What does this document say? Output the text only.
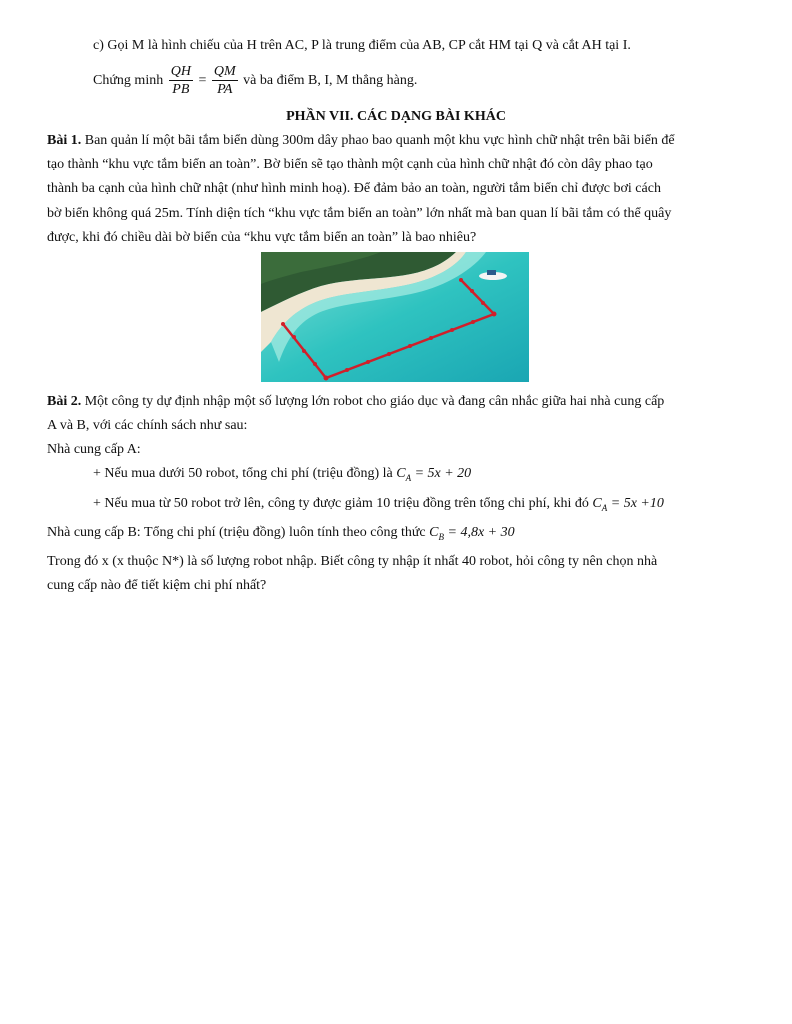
c) Gọi M là hình chiếu của H trên AC, P là trung điểm của AB, CP cắt HM tại Q và cắt AH tại I.
Chứng minh $\frac{QH}{PB} = \frac{QM}{PA}$ và ba điểm B, I, M thẳng hàng.
PHẦN VII. CÁC DẠNG BÀI KHÁC
Bài 1. Ban quản lí một bãi tắm biển dùng 300m dây phao bao quanh một khu vực hình chữ nhật trên bãi biển để
tạo thành “khu vực tắm biển an toàn”. Bờ biển sẽ tạo thành một cạnh của hình chữ nhật đó còn dây phao tạo
thành ba cạnh của hình chữ nhật (như hình minh hoạ). Để đảm bảo an toàn, người tắm biển chỉ được bơi cách
bờ biển không quá 25m. Tính diện tích “khu vực tắm biển an toàn” lớn nhất mà ban quan lí bãi tắm có thể quây
được, khi đó chiều dài bờ biển của “khu vực tắm biển an toàn” là bao nhiêu?
Bài 2. Một công ty dự định nhập một số lượng lớn robot cho giáo dục và đang cân nhắc giữa hai nhà cung cấp
A và B, với các chính sách như sau:
Nhà cung cấp A:
+ Nếu mua dưới 50 robot, tổng chi phí (triệu đồng) là $C_A = 5x + 20$
+ Nếu mua từ 50 robot trở lên, công ty được giảm 10 triệu đồng trên tổng chi phí, khi đó $C_A = 5x +10$
Nhà cung cấp B: Tổng chi phí (triệu đồng) luôn tính theo công thức $C_B = 4,8x + 30$
Trong đó x (x thuộc N*) là số lượng robot nhập. Biết công ty nhập ít nhất 40 robot, hỏi công ty nên chọn nhà
cung cấp nào để tiết kiệm chi phí nhất?
